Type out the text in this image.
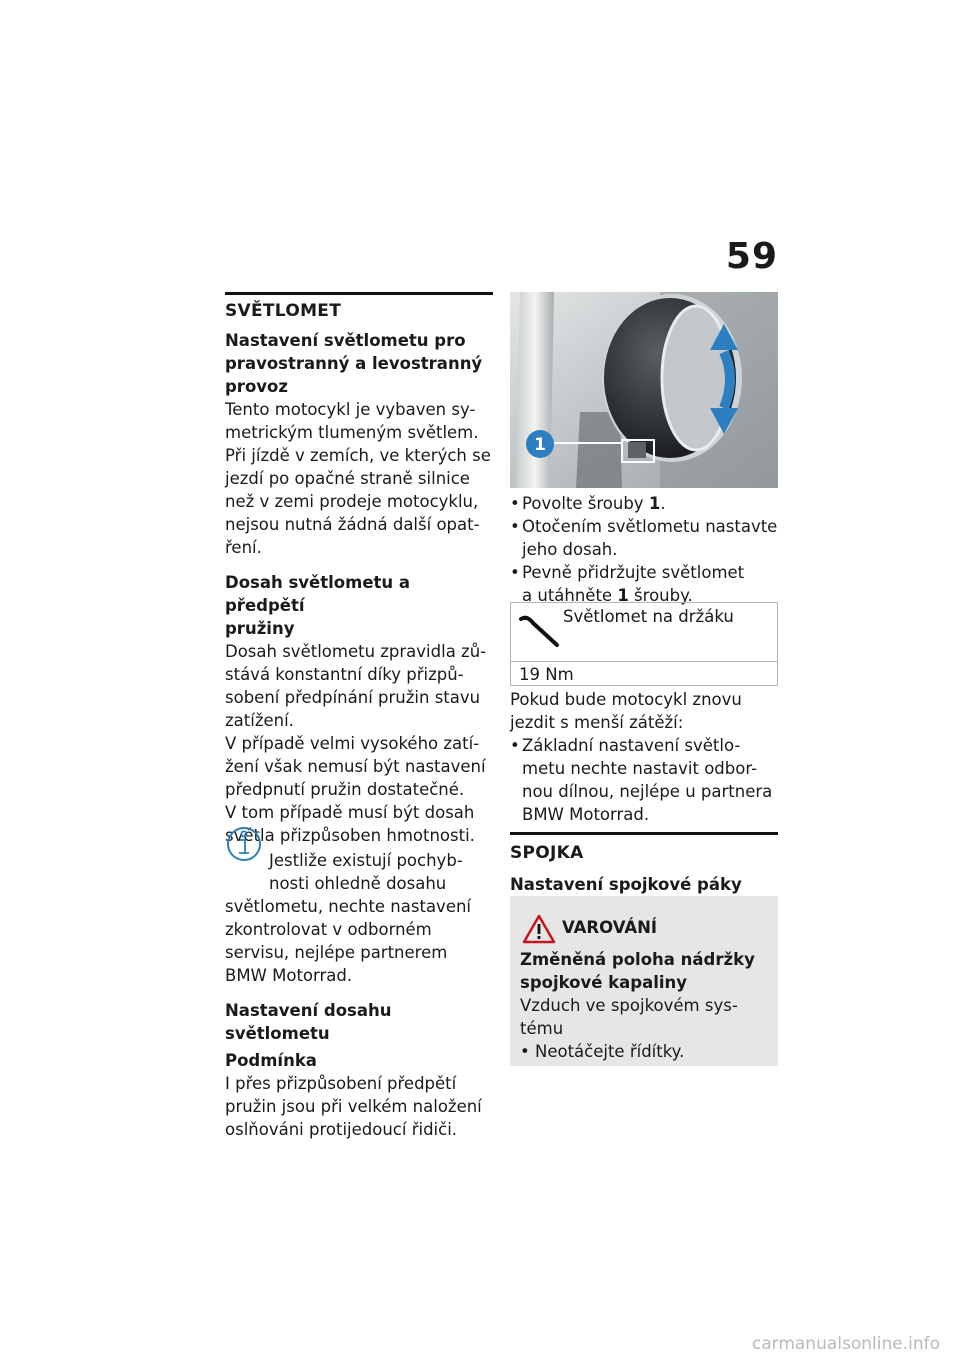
59
SVĚTLOMET
Nastavení světlometu pro
pravostranný a levostranný
provoz
Tento motocykl je vybaven sy-
metrickým tlumeným světlem.
Při jízdě v zemích, ve kterých se
jezdí po opačné straně silnice
než v zemi prodeje motocyklu,
nejsou nutná žádná další opat-
ření.
Dosah světlometu a předpětí
pružiny
Dosah světlometu zpravidla zů-
stává konstantní díky přizpů-
sobení předpínání pružin stavu
zatížení.
V případě velmi vysokého zatí-
žení však nemusí být nastavení
předpnutí pružin dostatečné.
V tom případě musí být dosah
světla přizpůsoben hmotnosti.
Jestliže existují pochyb-
nosti ohledně dosahu
světlometu, nechte nastavení
zkontrolovat v odborném
servisu, nejlépe partnerem
BMW Motorrad.
Nastavení dosahu světlometu
Podmínka
I přes přizpůsobení předpětí
pružin jsou při velkém naložení
oslňováni protijedoucí řidiči.
1
• Povolte šrouby 1.
• Otočením světlometu nastavte
jeho dosah.
• Pevně přidržujte světlomet
a utáhněte 1 šrouby.
Světlomet na držáku
19 Nm
Pokud bude motocykl znovu
jezdit s menší zátěží:
• Základní nastavení světlo-
metu nechte nastavit odbor-
nou dílnou, nejlépe u partnera
BMW Motorrad.
SPOJKA
Nastavení spojkové páky
VAROVÁNÍ
Změněná poloha nádržky
spojkové kapaliny
Vzduch ve spojkovém sys-
tému
• Neotáčejte řídítky.
carmanualsonline.info
